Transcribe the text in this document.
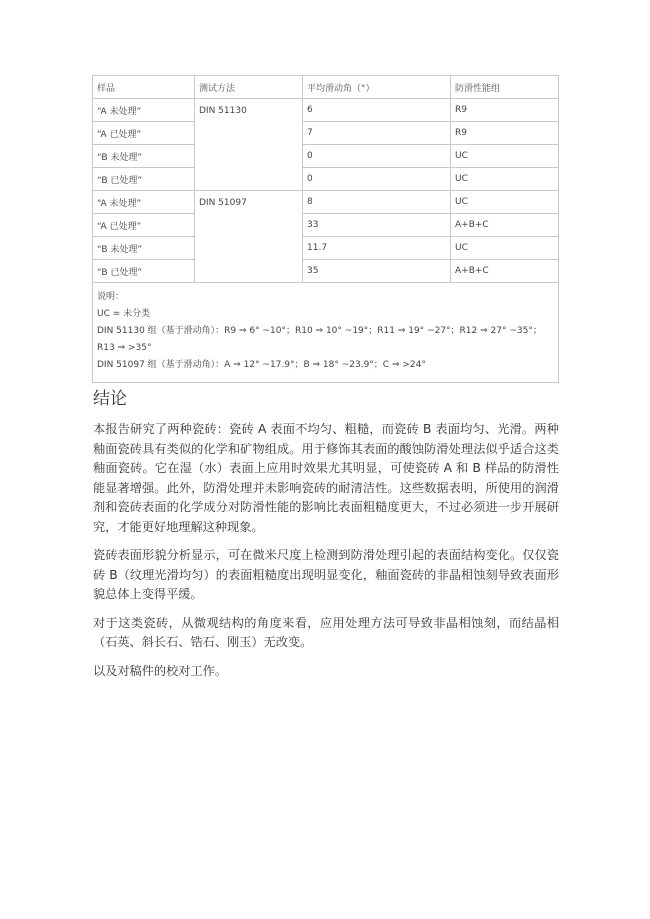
样品	测试方法	平均滑动角（°）	防滑性能组
“A 未处理”	DIN 51130	6	R9
“A 已处理”		7	R9
“B 未处理”		0	UC
“B 已处理”		0	UC
“A 未处理”	DIN 51097	8	UC
“A 已处理”		33	A+B+C
“B 未处理”		11.7	UC
“B 已处理”		35	A+B+C

说明：
UC = 未分类
DIN 51130 组（基于滑动角）：R9 ⇒ 6° ~10°；R10 ⇒ 10° ~19°；R11 ⇒ 19° ~27°；R12 ⇒ 27° ~35°；R13 ⇒ >35°
DIN 51097 组（基于滑动角）：A ⇒ 12° ~17.9°；B ⇒ 18° ~23.9°；C ⇒ >24°			
结论

本报告研究了两种瓷砖：瓷砖 A 表面不均匀、粗糙，而瓷砖 B 表面均匀、光滑。两种釉面瓷砖具有类似的化学和矿物组成。用于修饰其表面的酸蚀防滑处理法似乎适合这类釉面瓷砖。它在湿（水）表面上应用时效果尤其明显，可使瓷砖 A 和 B 样品的防滑性能显著增强。此外，防滑处理并未影响瓷砖的耐清洁性。这些数据表明，所使用的润滑剂和瓷砖表面的化学成分对防滑性能的影响比表面粗糙度更大，不过必须进一步开展研究，才能更好地理解这种现象。

瓷砖表面形貌分析显示，可在微米尺度上检测到防滑处理引起的表面结构变化。仅仅瓷砖 B（纹理光滑均匀）的表面粗糙度出现明显变化，釉面瓷砖的非晶相蚀刻导致表面形貌总体上变得平缓。

对于这类瓷砖，从微观结构的角度来看，应用处理方法可导致非晶相蚀刻，而结晶相（石英、斜长石、锆石、刚玉）无改变。

以及对稿件的校对工作。
